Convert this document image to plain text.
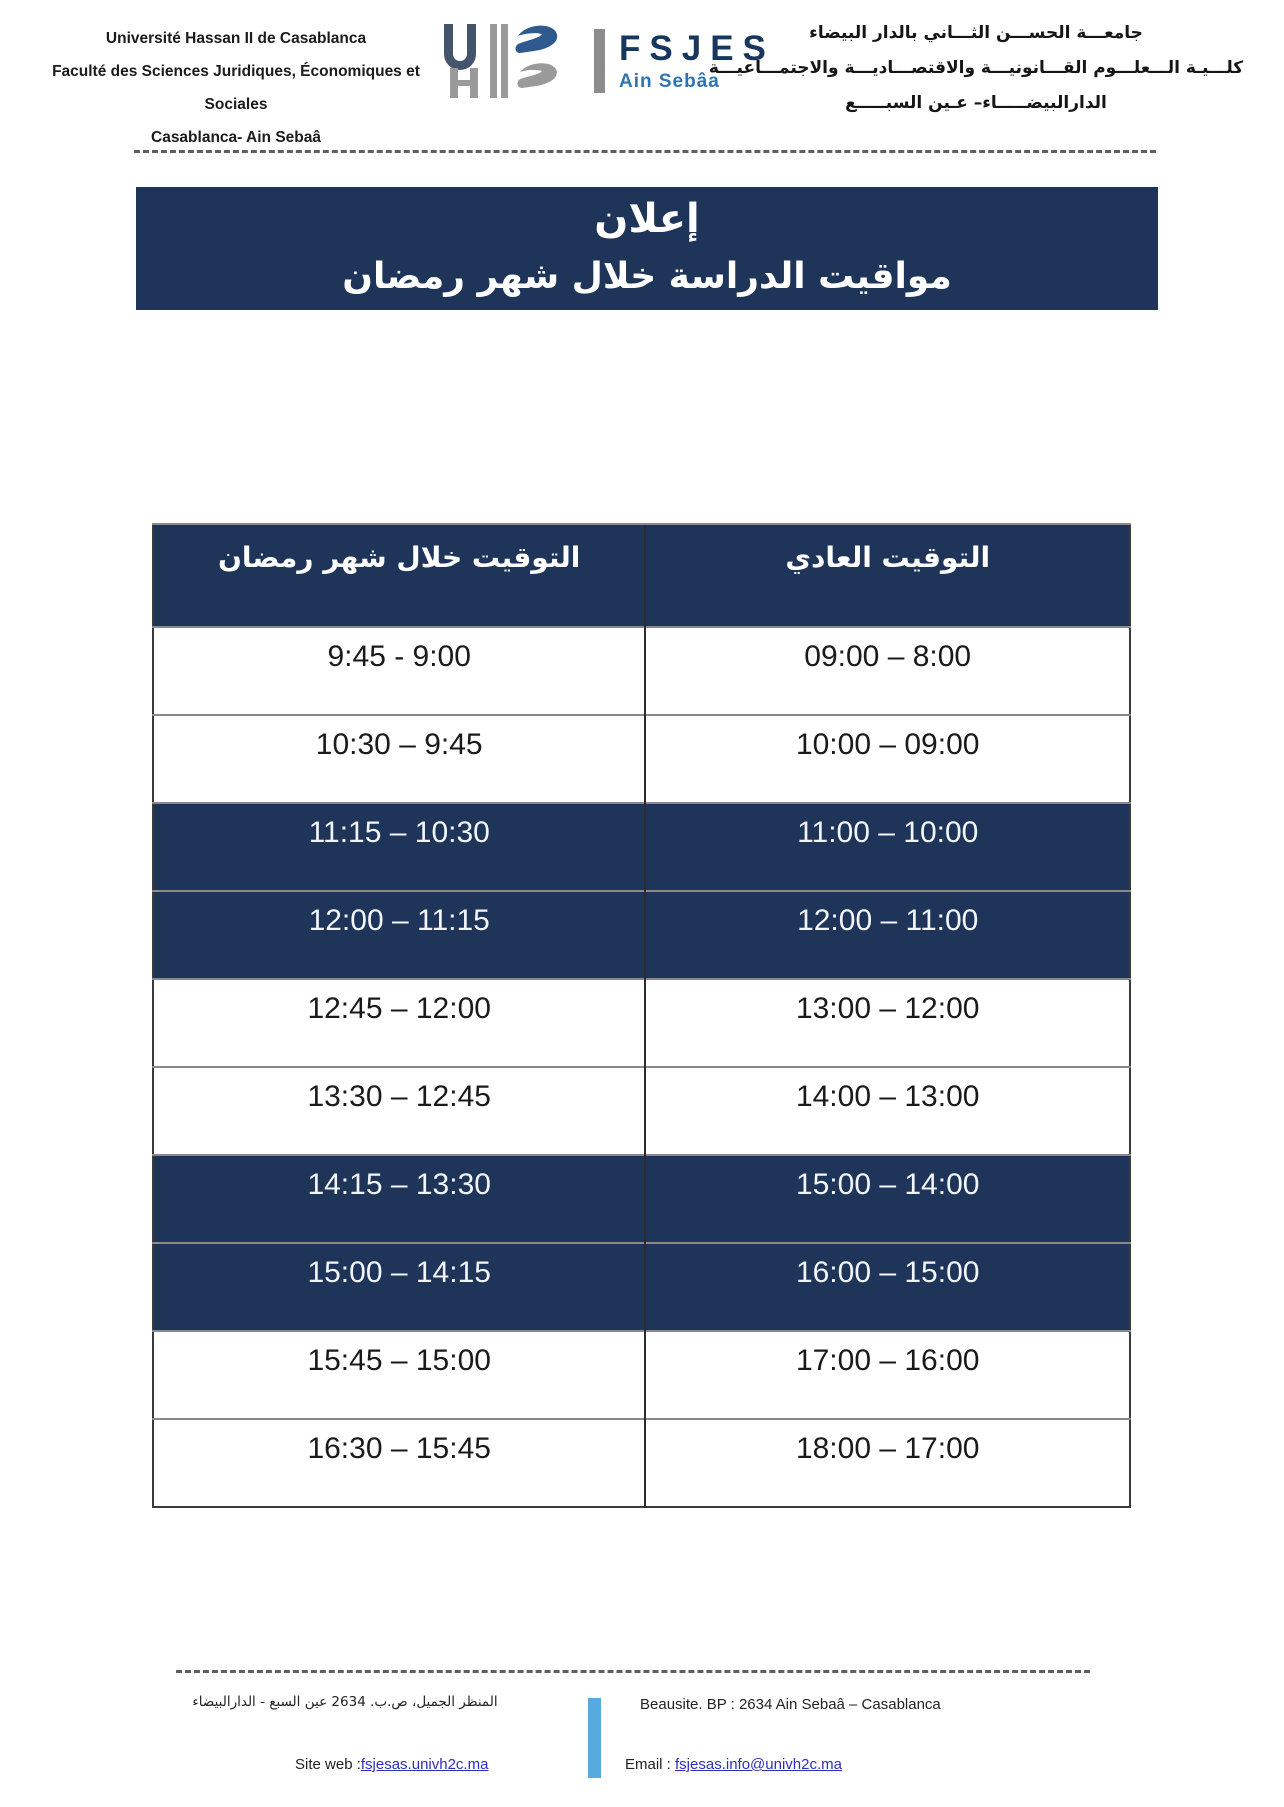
Université Hassan II de Casablanca
Faculté des Sciences Juridiques, Économiques et Sociales
Casablanca- Ain Sebaâ
FSJES
Ain Sebâa
جامعـــة الحســـن الثـــاني بالدار البيضاء
كلـــيـة الـــعلـــوم القـــانونيـــة والاقتصـــاديـــة والاجتمـــاعيـــة
الدارالبيضـــــاء– عـين السبـــــع
إعلان
مواقيت الدراسة خلال شهر رمضان
التوقيت خلال شهر رمضان	التوقيت العادي
9:45 - 9:00	09:00 – 8:00
10:30 – 9:45	10:00 – 09:00
11:15 – 10:30	11:00 – 10:00
12:00 – 11:15	12:00 – 11:00
12:45 – 12:00	13:00 – 12:00
13:30 – 12:45	14:00 – 13:00
14:15 – 13:30	15:00 – 14:00
15:00 – 14:15	16:00 – 15:00
15:45 – 15:00	17:00 – 16:00
16:30 – 15:45	18:00 – 17:00
المنظر الجميل، ص.ب. 2634 عين السبع - الدارالبيضاء	Beausite. BP : 2634 Ain Sebaâ – Casablanca
Site web :fsjesas.univh2c.ma	Email : fsjesas.info@univh2c.ma
